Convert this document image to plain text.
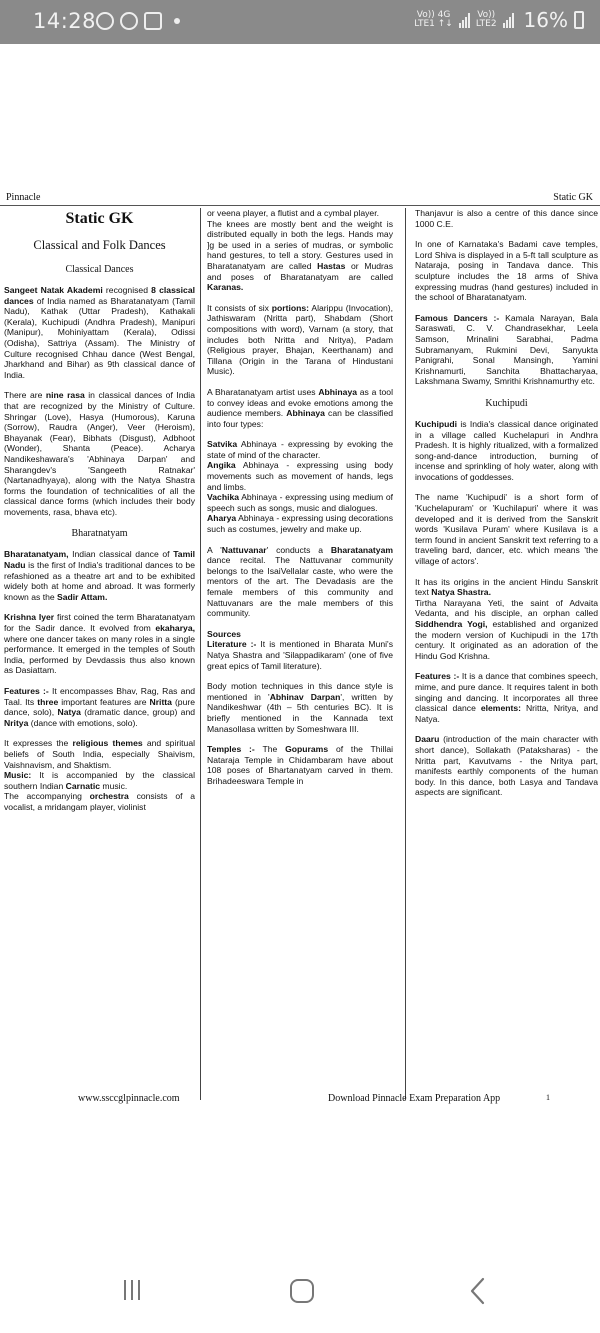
14:28	Vo)) 4G
LTE1 ↑↓
Vo))
LTE2 16%
Pinnacle	Static GK
Static GK
Classical and Folk Dances
Classical Dances

Sangeet Natak Akademi recognised 8 classical dances of India named as Bharatanatyam (Tamil Nadu), Kathak (Uttar Pradesh), Kathakali (Kerala), Kuchipudi (Andhra Pradesh), Manipuri (Manipur), Mohiniyattam (Kerala), Odissi (Odisha), Sattriya (Assam). The Ministry of Culture recognised Chhau dance (West Bengal, Jharkhand and Bihar) as 9th classical dance of India.

There are nine rasa in classical dances of India that are recognized by the Ministry of Culture. Shringar (Love), Hasya (Humorous), Karuna (Sorrow), Raudra (Anger), Veer (Heroism), Bhayanak (Fear), Bibhats (Disgust), Adbhoot (Wonder), Shanta (Peace). Acharya Nandikeshawara's 'Abhinaya Darpan' and Sharangdev's 'Sangeeth Ratnakar' (Nartanadhyaya), along with the Natya Shastra forms the foundation of technicalities of all the classical dance forms (which includes their body movements, rasa, bhava etc).

Bharatnatyam

Bharatanatyam, Indian classical dance of Tamil Nadu is the first of India's traditional dances to be refashioned as a theatre art and to be exhibited widely both at home and abroad. It was formerly known as the Sadir Attam.

Krishna Iyer first coined the term Bharatanatyam for the Sadir dance. It evolved from ekaharya, where one dancer takes on many roles in a single performance. It emerged in the temples of South India, performed by Devdassis thus also known as Dasiattam.

Features :- It encompasses Bhav, Rag, Ras and Taal. Its three important features are Nritta (pure dance, solo), Natya (dramatic dance, group) and Nritya (dance with emotions, solo).

It expresses the religious themes and spiritual beliefs of South India, especially Shaivism, Vaishnavism, and Shaktism.

Music: It is accompanied by the classical southern Indian Carnatic music.

The accompanying orchestra consists of a vocalist, a mridangam player, violinist

or veena player, a flutist and a cymbal player.

The knees are mostly bent and the weight is distributed equally in both the legs. Hands may ]g be used in a series of mudras, or symbolic hand gestures, to tell a story. Gestures used in Bharatanatyam are called Hastas or Mudras and poses of Bharatanatyam are called Karanas.

It consists of six portions: Alarippu (Invocation), Jathiswaram (Nritta part), Shabdam (Short compositions with word), Varnam (a story, that includes both Nritta and Nritya), Padam (Religious prayer, Bhajan, Keerthanam) and Tillana (Origin in the Tarana of Hindustani Music).

A Bharatanatyam artist uses Abhinaya as a tool to convey ideas and evoke emotions among the audience members. Abhinaya can be classified into four types:

Satvika Abhinaya - expressing by evoking the state of mind of the character.

Angika Abhinaya - expressing using body movements such as movement of hands, legs and limbs.

Vachika Abhinaya - expressing using medium of speech such as songs, music and dialogues.

Aharya Abhinaya - expressing using decorations such as costumes, jewelry and make up.

A 'Nattuvanar' conducts a Bharatanatyam dance recital. The Nattuvanar community belongs to the IsaiVellalar caste, who were the mentors of the art. The Devadasis are the female members of this community and Nattuvanars are the male members of this community.

Sources

Literature :- It is mentioned in Bharata Muni's Natya Shastra and 'Silappadikaram' (one of five great epics of Tamil literature).

Body motion techniques in this dance style is mentioned in 'Abhinav Darpan', written by Nandikeshwar (4th – 5th centuries BC). It is briefly mentioned in the Kannada text Manasollasa written by Someshwara III.

Temples :- The Gopurams of the Thillai Nataraja Temple in Chidambaram have about 108 poses of Bhartanatyam carved in them. Brihadeeswara Temple in

Thanjavur is also a centre of this dance since 1000 C.E.

In one of Karnataka's Badami cave temples, Lord Shiva is displayed in a 5-ft tall sculpture as Nataraja, posing in Tandava dance. This sculpture includes the 18 arms of Shiva expressing mudras (hand gestures) included in the school of Bharatanatyam.

Famous Dancers :- Kamala Narayan, Bala Saraswati, C. V. Chandrasekhar, Leela Samson, Mrinalini Sarabhai, Padma Subramanyam, Rukmini Devi, Sanyukta Panigrahi, Sonal Mansingh, Yamini Krishnamurti, Sanchita Bhattacharyaa, Lakshmana Swamy, Smrithi Krishnamurthy etc.

Kuchipudi

Kuchipudi is India's classical dance originated in a village called Kuchelapuri in Andhra Pradesh. It is highly ritualized, with a formalized song-and-dance introduction, burning of incense and sprinkling of holy water, along with invocations of goddesses.

The name 'Kuchipudi' is a short form of 'Kuchelapuram' or 'Kuchilapuri' where it was developed and it is derived from the Sanskrit words 'Kusilava Puram' where Kusilava is a term found in ancient Sanskrit text referring to a traveling bard, dancer, etc. which means 'the village of actors'.

It has its origins in the ancient Hindu Sanskrit text Natya Shastra.

Tirtha Narayana Yeti, the saint of Advaita Vedanta, and his disciple, an orphan called Siddhendra Yogi, established and organized the modern version of Kuchipudi in the 17th century. It originated as an adoration of the Hindu God Krishna.

Features :- It is a dance that combines speech, mime, and pure dance. It requires talent in both singing and dancing. It incorporates all three classical dance elements: Nritta, Nritya, and Natya.

Daaru (introduction of the main character with short dance), Sollakath (Pataksharas) - the Nritta part, Kavutvams - the Nritya part, manifests earthly components of the human body. In this dance, both Lasya and Tandava aspects are significant.

www.ssccglpinnacle.com	Download Pinnacle Exam Preparation App	1
